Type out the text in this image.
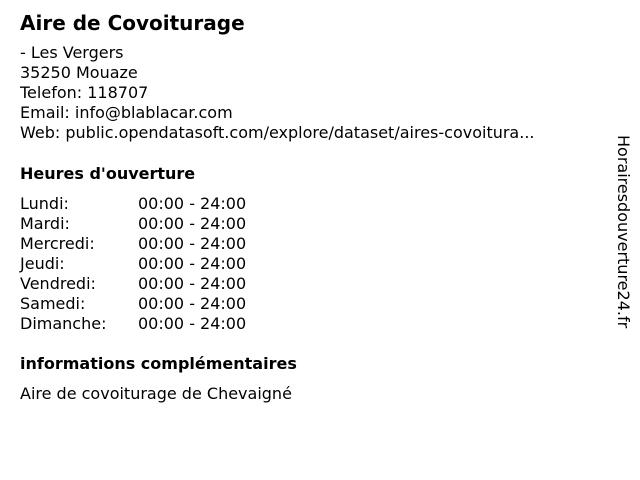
Aire de Covoiturage
- Les Vergers
35250 Mouaze
Telefon: 118707
Email: info@blablacar.com
Web: public.opendatasoft.com/explore/dataset/aires-covoitura...
Heures d'ouverture
Lundi:	00:00 - 24:00
Mardi:	00:00 - 24:00
Mercredi:	00:00 - 24:00
Jeudi:	00:00 - 24:00
Vendredi:	00:00 - 24:00
Samedi:	00:00 - 24:00
Dimanche: 00:00 - 24:00
informations complémentaires
Aire de covoiturage de Chevaigné
Horairesdouverture24.fr
